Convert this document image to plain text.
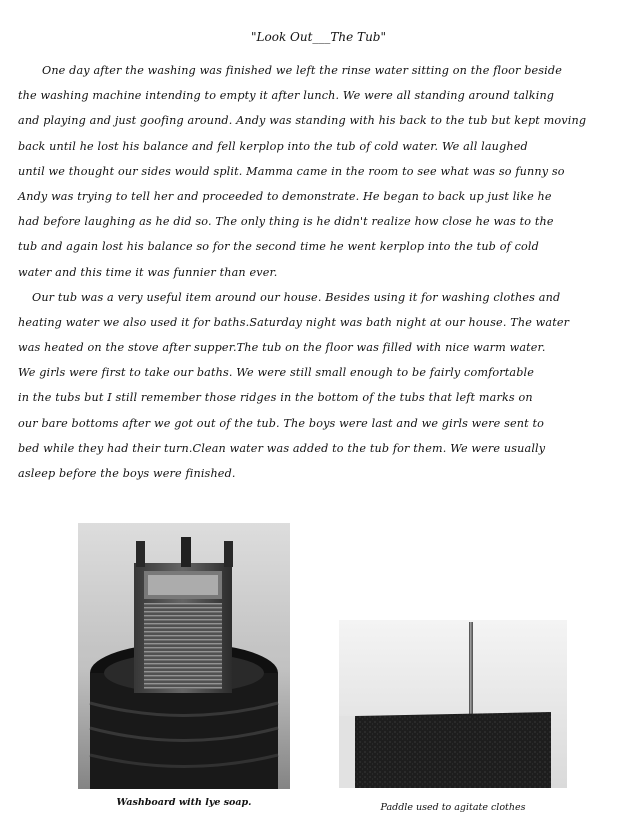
"Look Out___The Tub"
One day after the washing was finished we left the rinse water sitting on the floor beside
the washing machine intending to empty it after lunch. We were all standing around talking
and playing and just goofing around. Andy was standing with his back to the tub but kept moving
back until he lost his balance and fell kerplop into the tub of cold water. We all laughed
until we thought our sides would split. Mamma came in the room to see what was so funny so
Andy was trying to tell her and proceeded to demonstrate. He began to back up just like he
had before laughing as he did so. The only thing is he didn't realize how close he was to the
tub and again lost his balance so for the second time he went kerplop into the tub of cold
water and this time it was funnier than ever.
Our tub was a very useful item around our house. Besides using it for washing clothes and
heating water we also used it for baths.Saturday night was bath night at our house. The water
was heated on the stove after supper.The tub on the floor was filled with nice warm water.
We girls were first to take our baths. We were still small enough to be fairly comfortable
in the tubs but I still remember those ridges in the bottom of the tubs that left marks on
our bare bottoms after we got out of the tub. The boys were last and we girls were sent to
bed while they had their turn.Clean water was added to the tub for them. We were usually
asleep before the boys were finished.
Washboard with lye soap.	Paddle used to agitate clothes
